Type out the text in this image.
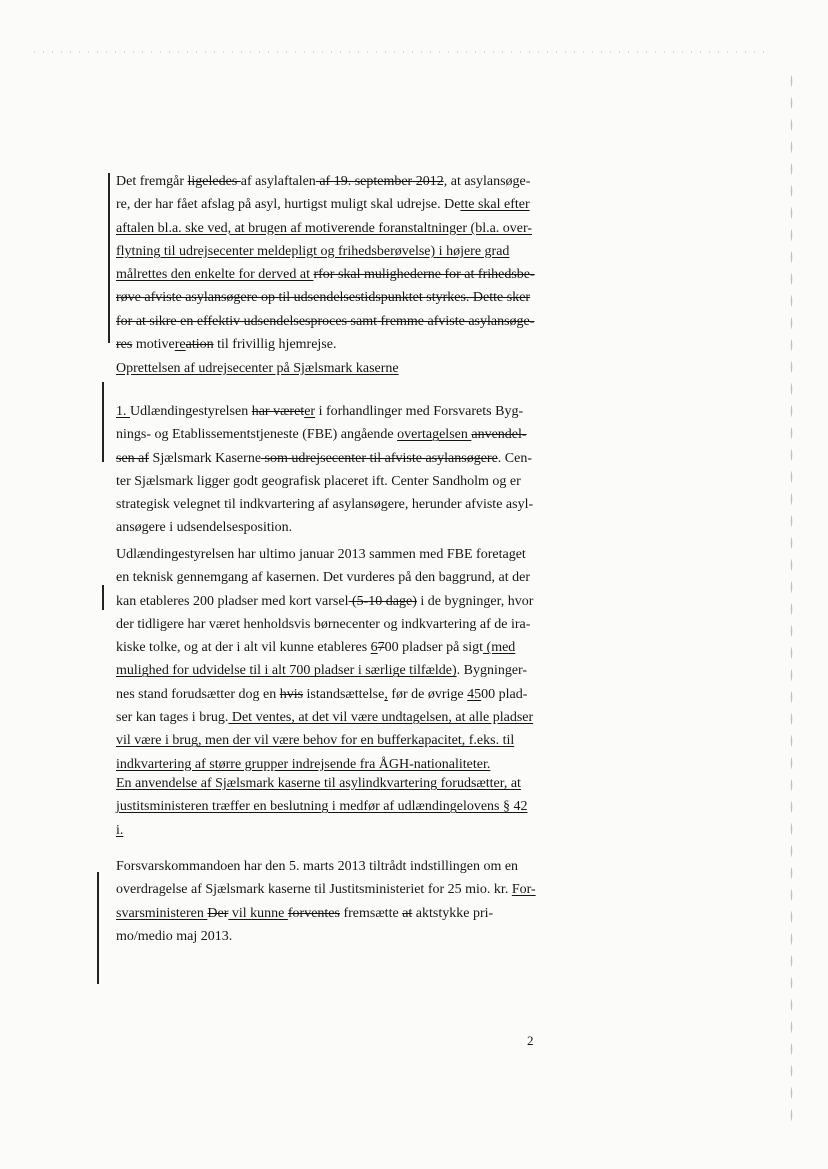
Det fremgår ligeledes af asylaftalen af 19. september 2012, at asylansøge-
re, der har fået afslag på asyl, hurtigst muligt skal udrejse. Dette skal efter
aftalen bl.a. ske ved, at brugen af motiverende foranstaltninger (bl.a. over-
flytning til udrejsecenter meldepligt og frihedsberøvelse) i højere grad
målrettes den enkelte for derved at rfor skal mulighederne for at frihedsbe-
røve afviste asylansøgere op til udsendelsestidspunktet styrkes. Dette sker
for at sikre en effektiv udsendelsesproces samt fremme afviste asylansøge-
res motivereation til frivillig hjemrejse.
Oprettelsen af udrejsecenter på Sjælsmark kaserne
1. Udlændingestyrelsen har væreter i forhandlinger med Forsvarets Byg-
nings- og Etablissementstjeneste (FBE) angående overtagelsen anvendel-
sen af Sjælsmark Kaserne som udrejsecenter til afviste asylansøgere. Cen-
ter Sjælsmark ligger godt geografisk placeret ift. Center Sandholm og er
strategisk velegnet til indkvartering af asylansøgere, herunder afviste asyl-
ansøgere i udsendelsesposition.
Udlændingestyrelsen har ultimo januar 2013 sammen med FBE foretaget
en teknisk gennemgang af kasernen. Det vurderes på den baggrund, at der
kan etableres 200 pladser med kort varsel (5-10 dage) i de bygninger, hvor
der tidligere har været henholdsvis børnecenter og indkvartering af de ira-
kiske tolke, og at der i alt vil kunne etableres 6700 pladser på sigt (med
mulighed for udvidelse til i alt 700 pladser i særlige tilfælde). Bygninger-
nes stand forudsætter dog en hvis istandsættelse, før de øvrige 4500 plad-
ser kan tages i brug. Det ventes, at det vil være undtagelsen, at alle pladser
vil være i brug, men der vil være behov for en bufferkapacitet, f.eks. til
indkvartering af større grupper indrejsende fra ÅGH-nationaliteter.
En anvendelse af Sjælsmark kaserne til asylindkvartering forudsætter, at
justitsministeren træffer en beslutning i medfør af udlændingelovens § 42
i.
Forsvarskommandoen har den 5. marts 2013 tiltrådt indstillingen om en
overdragelse af Sjælsmark kaserne til Justitsministeriet for 25 mio. kr. For-
svarsministeren Der vil kunne forventes fremsætte at aktstykke pri-
mo/medio maj 2013.
2
